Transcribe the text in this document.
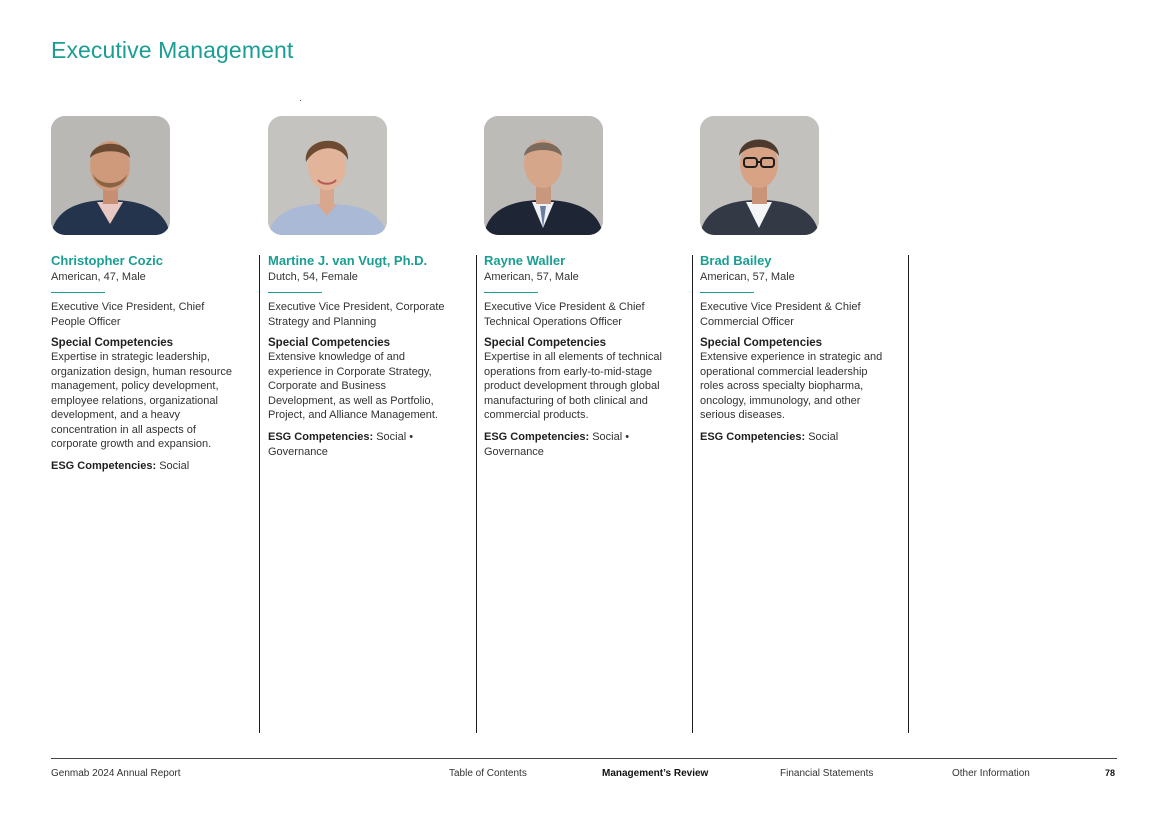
Executive Management
Christopher Cozic
American, 47, Male
Executive Vice President, Chief People Officer
Special Competencies
Expertise in strategic leadership, organization design, human resource management, policy development, employee relations, organizational development, and a heavy concentration in all aspects of corporate growth and expansion.
ESG Competencies: Social
Martine J. van Vugt, Ph.D.
Dutch, 54, Female
Executive Vice President, Corporate Strategy and Planning
Special Competencies
Extensive knowledge of and experience in Corporate Strategy, Corporate and Business Development, as well as Portfolio, Project, and Alliance Management.
ESG Competencies: Social • Governance
Rayne Waller
American, 57, Male
Executive Vice President & Chief Technical Operations Officer
Special Competencies
Expertise in all elements of technical operations from early-to-mid-stage product development through global manufacturing of both clinical and commercial products.
ESG Competencies: Social • Governance
Brad Bailey
American, 57, Male
Executive Vice President & Chief Commercial Officer
Special Competencies
Extensive experience in strategic and operational commercial leadership roles across specialty biopharma, oncology, immunology, and other serious diseases.
ESG Competencies: Social
Genmab 2024 Annual Report	Table of Contents	Management’s Review	Financial Statements	Other Information	78
